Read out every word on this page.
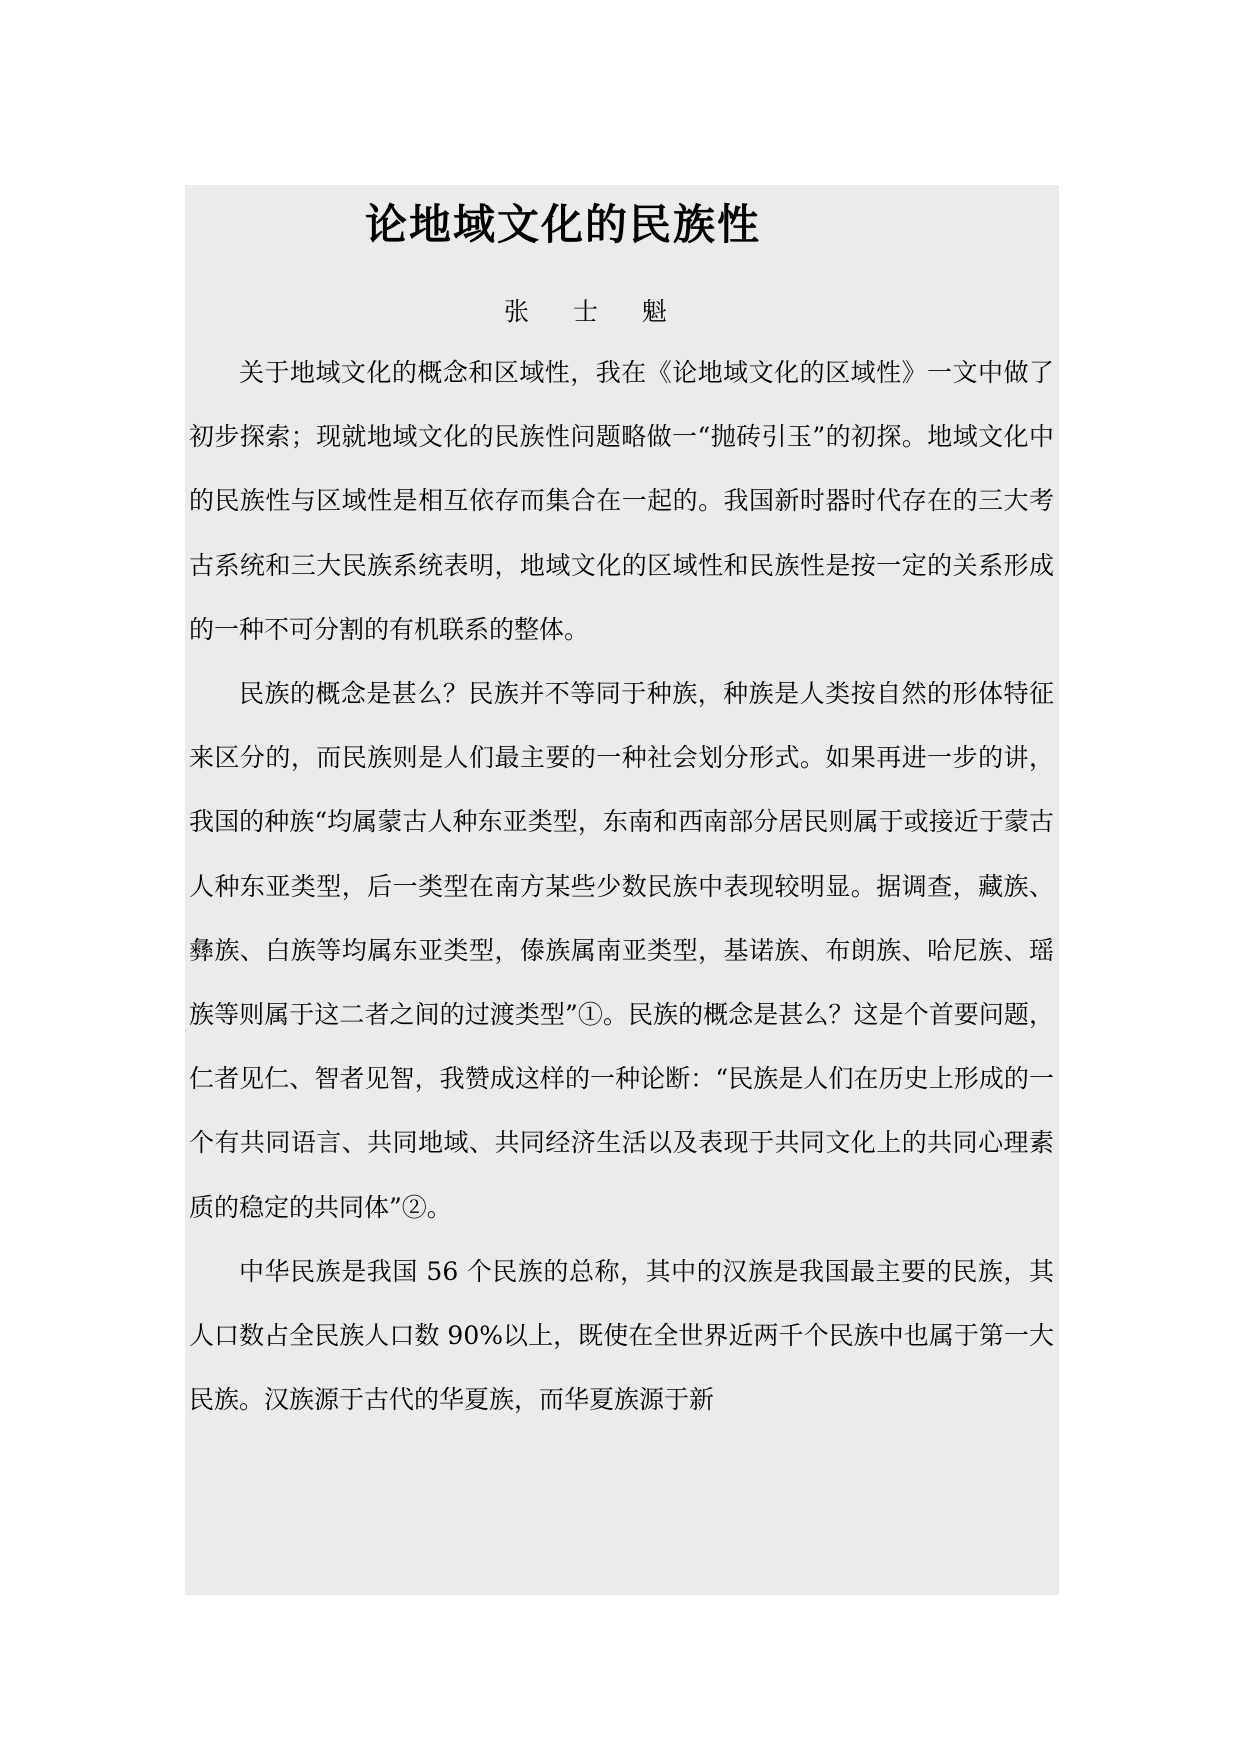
论地域文化的民族性
张 士 魁

关于地域文化的概念和区域性，我在《论地域文化的区域性》一文中做了初步探索；现就地域文化的民族性问题略做一“抛砖引玉”的初探。地域文化中的民族性与区域性是相互依存而集合在一起的。我国新时器时代存在的三大考古系统和三大民族系统表明，地域文化的区域性和民族性是按一定的关系形成的一种不可分割的有机联系的整体。

民族的概念是甚么？民族并不等同于种族，种族是人类按自然的形体特征来区分的，而民族则是人们最主要的一种社会划分形式。如果再进一步的讲，我国的种族“均属蒙古人种东亚类型，东南和西南部分居民则属于或接近于蒙古人种东亚类型，后一类型在南方某些少数民族中表现较明显。据调查，藏族、彝族、白族等均属东亚类型，傣族属南亚类型，基诺族、布朗族、哈尼族、瑶族等则属于这二者之间的过渡类型”①。民族的概念是甚么？这是个首要问题，仁者见仁、智者见智，我赞成这样的一种论断：“民族是人们在历史上形成的一个有共同语言、共同地域、共同经济生活以及表现于共同文化上的共同心理素质的稳定的共同体”②。

中华民族是我国 56 个民族的总称，其中的汉族是我国最主要的民族，其人口数占全民族人口数 90%以上，既使在全世界近两千个民族中也属于第一大民族。汉族源于古代的华夏族，而华夏族源于新
